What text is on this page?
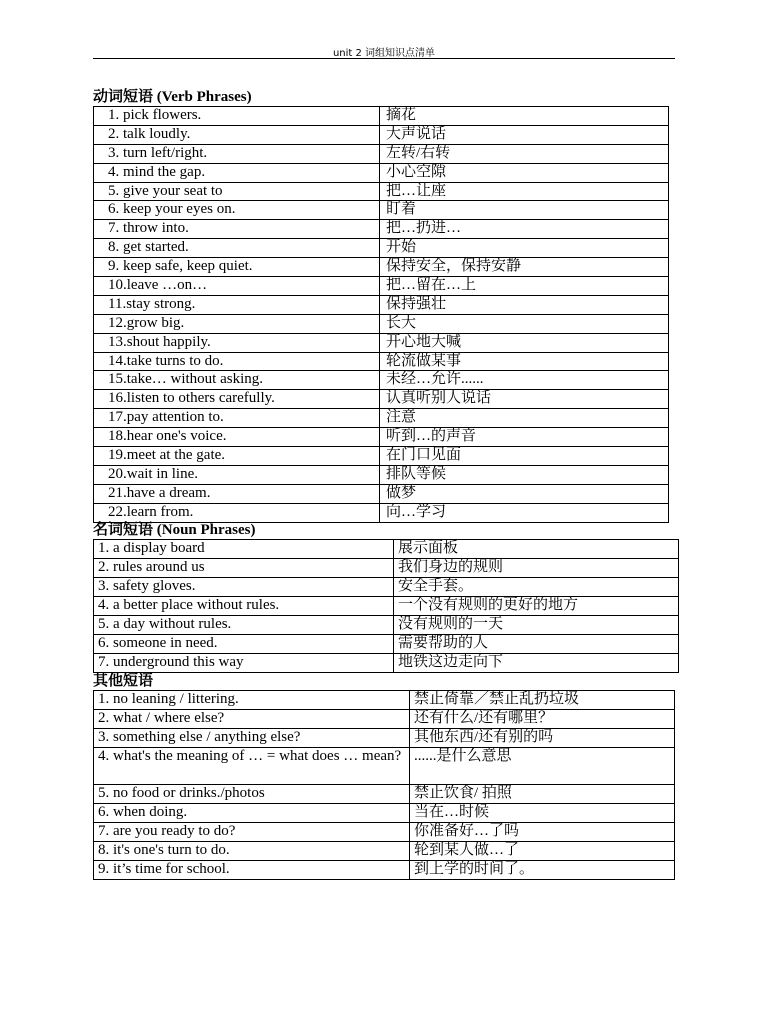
unit 2 词组知识点清单
动词短语 (Verb Phrases)
1. pick flowers.	摘花
2. talk loudly.	大声说话
3. turn left/right.	左转/右转
4. mind the gap.	小心空隙
5. give your seat to	把…让座
6. keep your eyes on.	盯着
7. throw into.	把…扔进…
8. get started.	开始
9. keep safe, keep quiet.	保持安全，保持安静
10.leave …on…	把…留在…上
11.stay strong.	保持强壮
12.grow big.	长大
13.shout happily.	开心地大喊
14.take turns to do.	轮流做某事
15.take… without asking.	未经…允许......
16.listen to others carefully.	认真听别人说话
17.pay attention to.	注意
18.hear one's voice.	听到…的声音
19.meet at the gate.	在门口见面
20.wait in line.	排队等候
21.have a dream.	做梦
22.learn from.	向…学习
名词短语 (Noun Phrases)
1. a display board	展示面板
2. rules around us	我们身边的规则
3. safety gloves.	安全手套。
4. a better place without rules.	一个没有规则的更好的地方
5. a day without rules.	没有规则的一天
6. someone in need.	需要帮助的人
7. underground this way	地铁这边走向下
其他短语
1. no leaning / littering.	禁止倚靠／禁止乱扔垃圾
2. what / where else?	还有什么/还有哪里？
3. something else / anything else?	其他东西/还有别的吗
4. what's the meaning of … = what does … mean?	......是什么意思
5. no food or drinks./photos	禁止饮食/ 拍照
6. when doing.	当在…时候
7. are you ready to do?	你准备好…了吗
8. it's one's turn to do.	轮到某人做…了
9. it’s time for school.	到上学的时间了。
